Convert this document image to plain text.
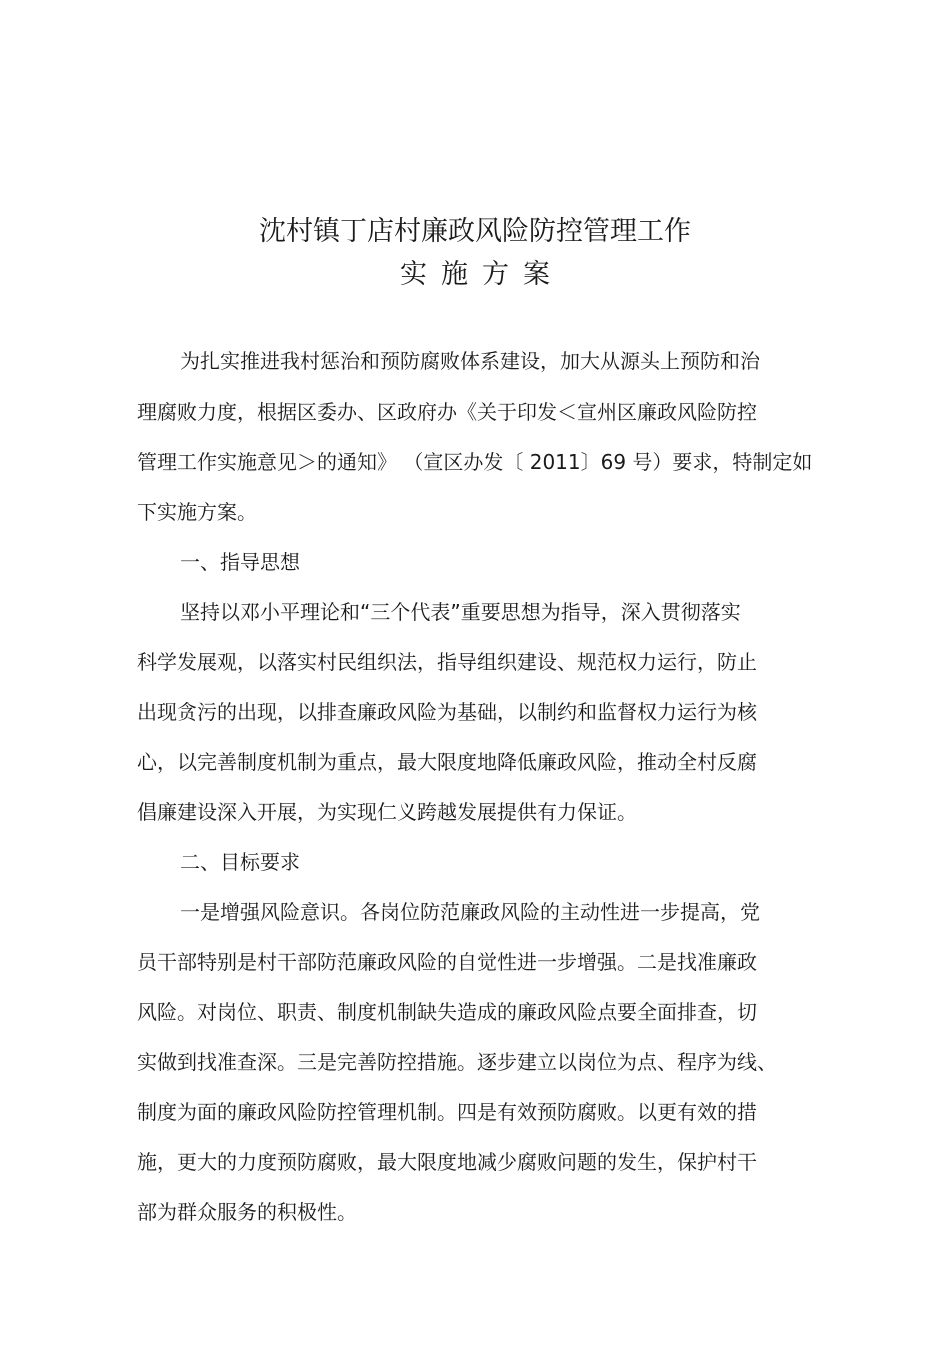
沈村镇丁店村廉政风险防控管理工作
实施方案

为扎实推进我村惩治和预防腐败体系建设，加大从源头上预防和治

理腐败力度，根据区委办、区政府办《关于印发＜宣州区廉政风险防控

管理工作实施意见＞的通知》 （宣区办发〔 2011〕69 号）要求，特制定如

下实施方案。

一、指导思想

坚持以邓小平理论和“三个代表”重要思想为指导，深入贯彻落实

科学发展观，以落实村民组织法，指导组织建设、规范权力运行，防止

出现贪污的出现，以排查廉政风险为基础，以制约和监督权力运行为核

心，以完善制度机制为重点，最大限度地降低廉政风险，推动全村反腐

倡廉建设深入开展，为实现仁义跨越发展提供有力保证。

二、目标要求

一是增强风险意识。各岗位防范廉政风险的主动性进一步提高，党

员干部特别是村干部防范廉政风险的自觉性进一步增强。二是找准廉政

风险。对岗位、职责、制度机制缺失造成的廉政风险点要全面排查，切

实做到找准查深。三是完善防控措施。逐步建立以岗位为点、程序为线、

制度为面的廉政风险防控管理机制。四是有效预防腐败。以更有效的措

施，更大的力度预防腐败，最大限度地减少腐败问题的发生，保护村干

部为群众服务的积极性。
